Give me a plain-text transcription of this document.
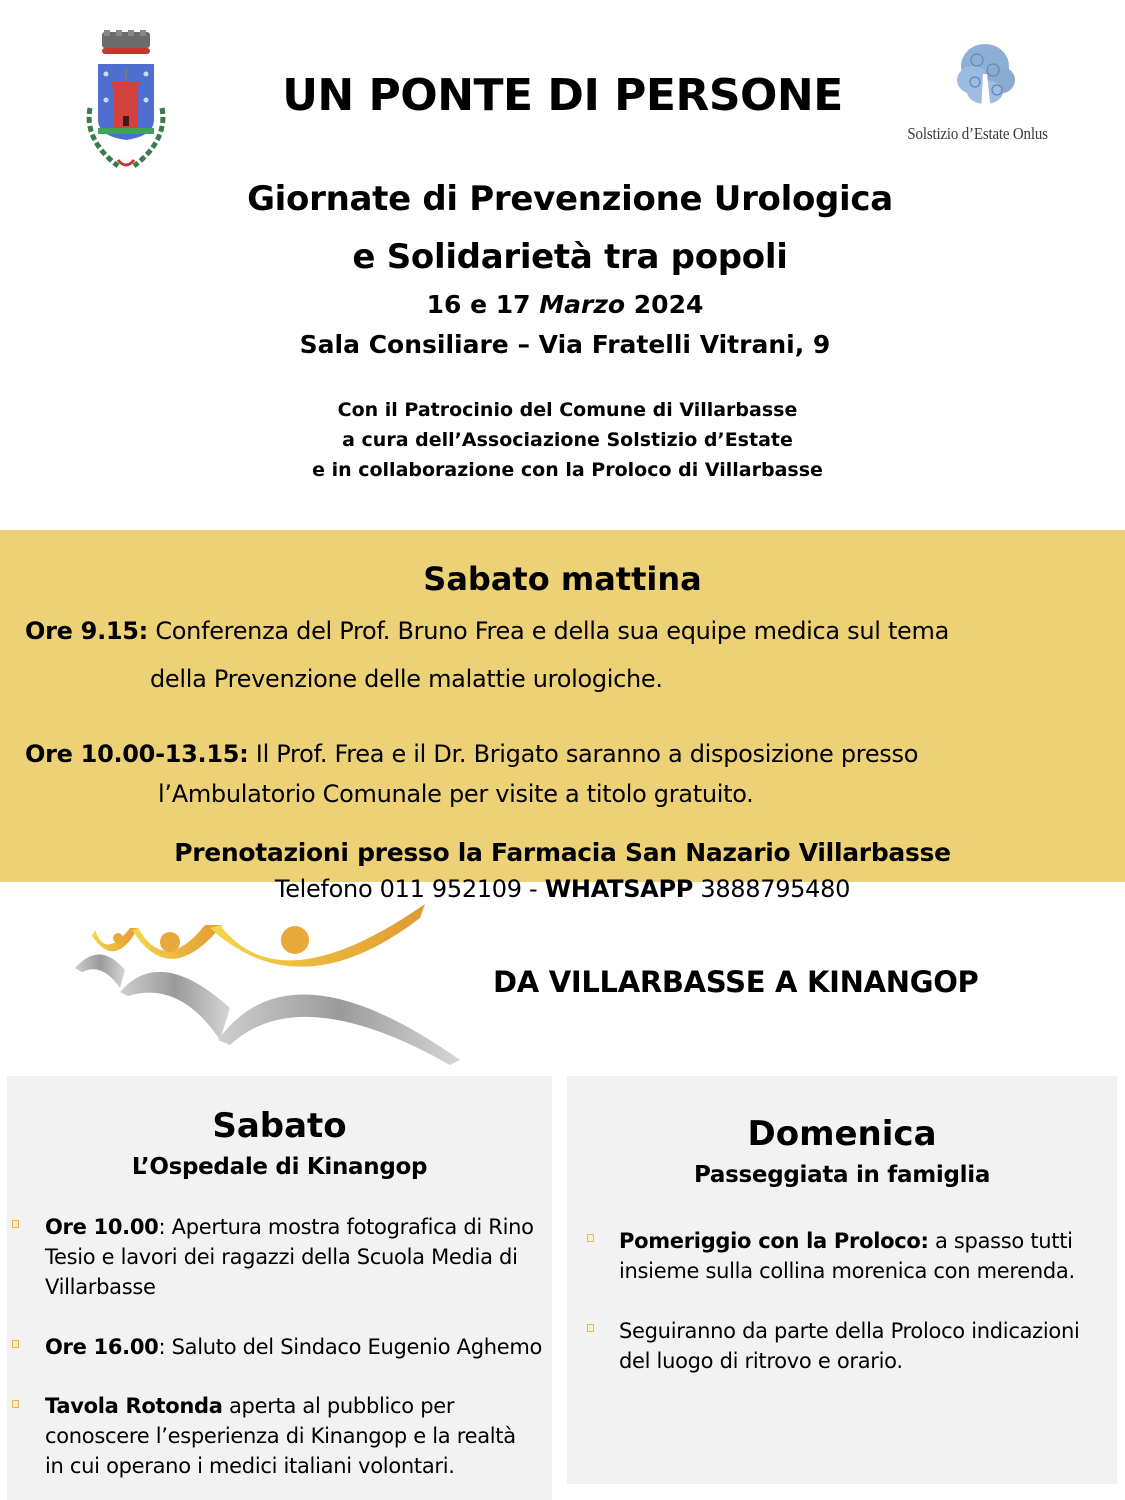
Solstizio d’Estate Onlus
UN PONTE DI PERSONE
Giornate di Prevenzione Urologica
e Solidarietà tra popoli
16 e 17 Marzo 2024
Sala Consiliare – Via Fratelli Vitrani, 9
Con il Patrocinio del Comune di Villarbasse
a cura dell’Associazione Solstizio d’Estate
e in collaborazione con la Proloco di Villarbasse
Sabato mattina
Ore 9.15: Conferenza del Prof. Bruno Frea e della sua equipe medica sul tema
della Prevenzione delle malattie urologiche.
Ore 10.00-13.15: Il Prof. Frea e il Dr. Brigato saranno a disposizione presso
l’Ambulatorio Comunale per visite a titolo gratuito.
Prenotazioni presso la Farmacia San Nazario Villarbasse
Telefono 011 952109 - WHATSAPP 3888795480
DA VILLARBASSE A KINANGOP
Sabato
L’Ospedale di Kinangop
Ore 10.00: Apertura mostra fotografica di Rino
Tesio e lavori dei ragazzi della Scuola Media di
Villarbasse
Ore 16.00: Saluto del Sindaco Eugenio Aghemo
Tavola Rotonda aperta al pubblico per
conoscere l’esperienza di Kinangop e la realtà
in cui operano i medici italiani volontari.
Domenica
Passeggiata in famiglia
Pomeriggio con la Proloco: a spasso tutti
insieme sulla collina morenica con merenda.
Seguiranno da parte della Proloco indicazioni
del luogo di ritrovo e orario.
